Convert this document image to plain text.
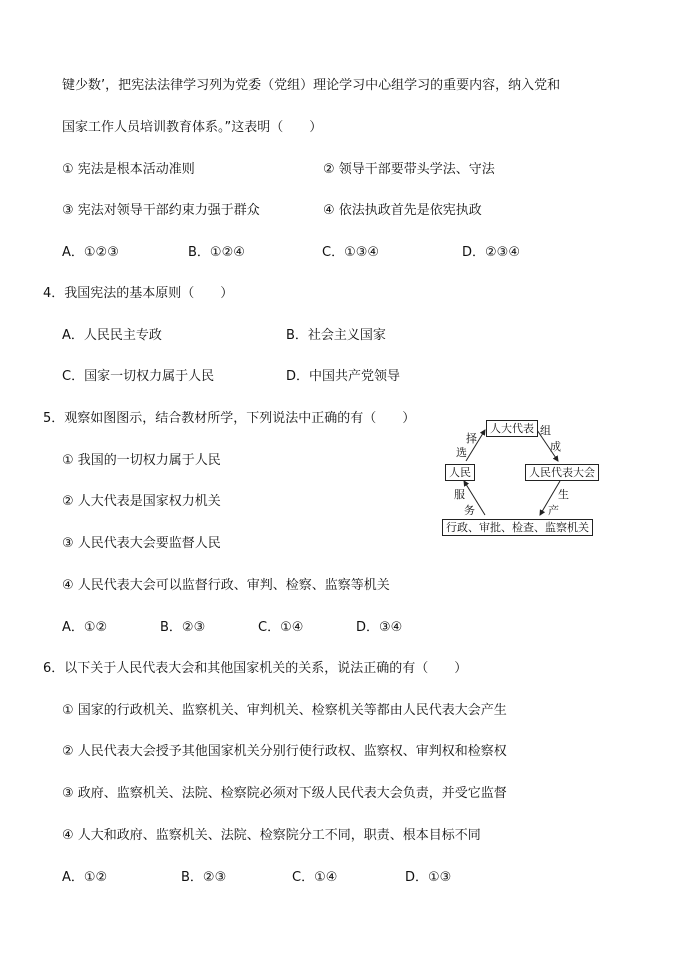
键少数’，把宪法法律学习列为党委（党组）理论学习中心组学习的重要内容，纳入党和
国家工作人员培训教育体系。”这表明（　　）
① 宪法是根本活动准则	② 领导干部要带头学法、守法
③ 宪法对领导干部约束力强于群众	④ 依法执政首先是依宪执政
A．①②③	B．①②④	C．①③④	D．②③④
4．我国宪法的基本原则（　　）
A．人民民主专政	B．社会主义国家
C．国家一切权力属于人民	D．中国共产党领导
5．观察如图图示，结合教材所学，下列说法中正确的有（　　）
① 我国的一切权力属于人民
② 人大代表是国家权力机关
③ 人民代表大会要监督人民
④ 人民代表大会可以监督行政、审判、检察、监察等机关
A．①②	B．②③	C．①④	D．③④
人大代表
人民	人民代表大会
行政、审批、检查、监察机关
择
选
组
成
生
产
服
务
6．以下关于人民代表大会和其他国家机关的关系，说法正确的有（　　）
① 国家的行政机关、监察机关、审判机关、检察机关等都由人民代表大会产生
② 人民代表大会授予其他国家机关分别行使行政权、监察权、审判权和检察权
③ 政府、监察机关、法院、检察院必须对下级人民代表大会负责，并受它监督
④ 人大和政府、监察机关、法院、检察院分工不同，职责、根本目标不同
A．①②	B．②③	C．①④	D．①③
